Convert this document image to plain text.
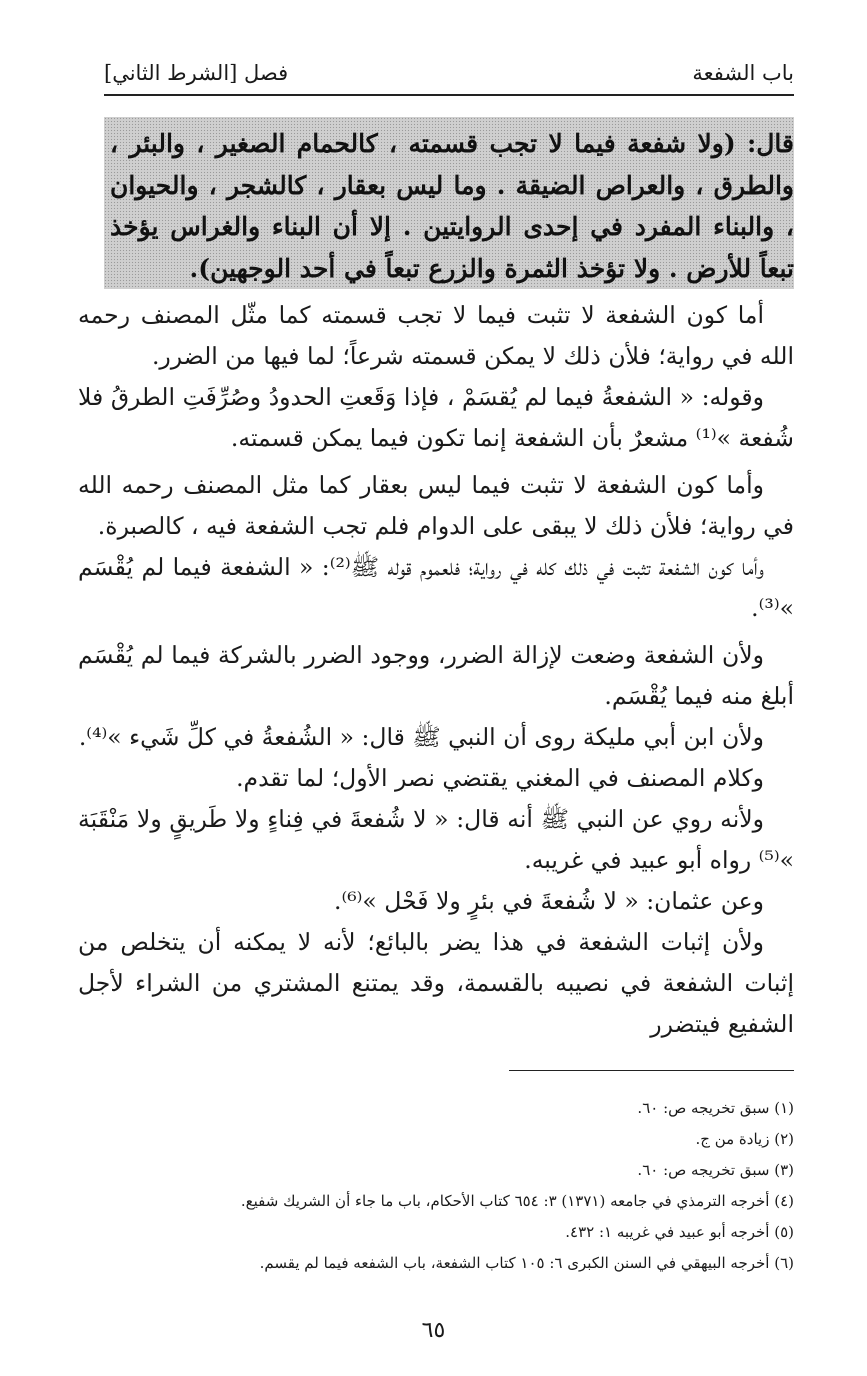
باب الشفعة
فصل [الشرط الثاني]
قال: (ولا شفعة فيما لا تجب قسمته ، كالحمام الصغير ، والبئر ، والطرق ، والعراص الضيقة . وما ليس بعقار ، كالشجر ، والحيوان ، والبناء المفرد في إحدى الروايتين . إلا أن البناء والغراس يؤخذ تبعاً للأرض . ولا تؤخذ الثمرة والزرع تبعاً في أحد الوجهين).

أما كون الشفعة لا تثبت فيما لا تجب قسمته كما مثّل المصنف رحمه الله في رواية؛ فلأن ذلك لا يمكن قسمته شرعاً؛ لما فيها من الضرر.

وقوله: « الشفعةُ فيما لم يُقسَمْ ، فإذا وَقَعتِ الحدودُ وصُرِّفَتِ الطرقُ فلا شُفعة »⁽¹⁾ مشعرٌ بأن الشفعة إنما تكون فيما يمكن قسمته.

وأما كون الشفعة لا تثبت فيما ليس بعقار كما مثل المصنف رحمه الله في رواية؛ فلأن ذلك لا يبقى على الدوام فلم تجب الشفعة فيه ، كالصبرة.

وأما كون الشفعة تثبت في ذلك كله في رواية؛ فلعموم قوله ﷺ⁽²⁾: « الشفعة فيما لم يُقْسَم »⁽³⁾.

ولأن الشفعة وضعت لإزالة الضرر، ووجود الضرر بالشركة فيما لم يُقْسَم أبلغ منه فيما يُقْسَم.

ولأن ابن أبي مليكة روى أن النبي ﷺ قال: « الشُفعةُ في كلِّ شَيء »⁽⁴⁾.

وكلام المصنف في المغني يقتضي نصر الأول؛ لما تقدم.

ولأنه روي عن النبي ﷺ أنه قال: « لا شُفعةَ في فِناءٍ ولا طَريقٍ ولا مَنْقَبَة »⁽⁵⁾ رواه أبو عبيد في غريبه.

وعن عثمان: « لا شُفعةَ في بئرٍ ولا فَحْل »⁽⁶⁾.

ولأن إثبات الشفعة في هذا يضر بالبائع؛ لأنه لا يمكنه أن يتخلص من إثبات الشفعة في نصيبه بالقسمة، وقد يمتنع المشتري من الشراء لأجل الشفيع فيتضرر

(١) سبق تخريجه ص: ٦٠.
(٢) زيادة من ج.
(٣) سبق تخريجه ص: ٦٠.
(٤) أخرجه الترمذي في جامعه (١٣٧١) ٣: ٦٥٤ كتاب الأحكام، باب ما جاء أن الشريك شفيع.
(٥) أخرجه أبو عبيد في غريبه ١: ٤٣٢.
(٦) أخرجه البيهقي في السنن الكبرى ٦: ١٠٥ كتاب الشفعة، باب الشفعه فيما لم يقسم.
٦٥
